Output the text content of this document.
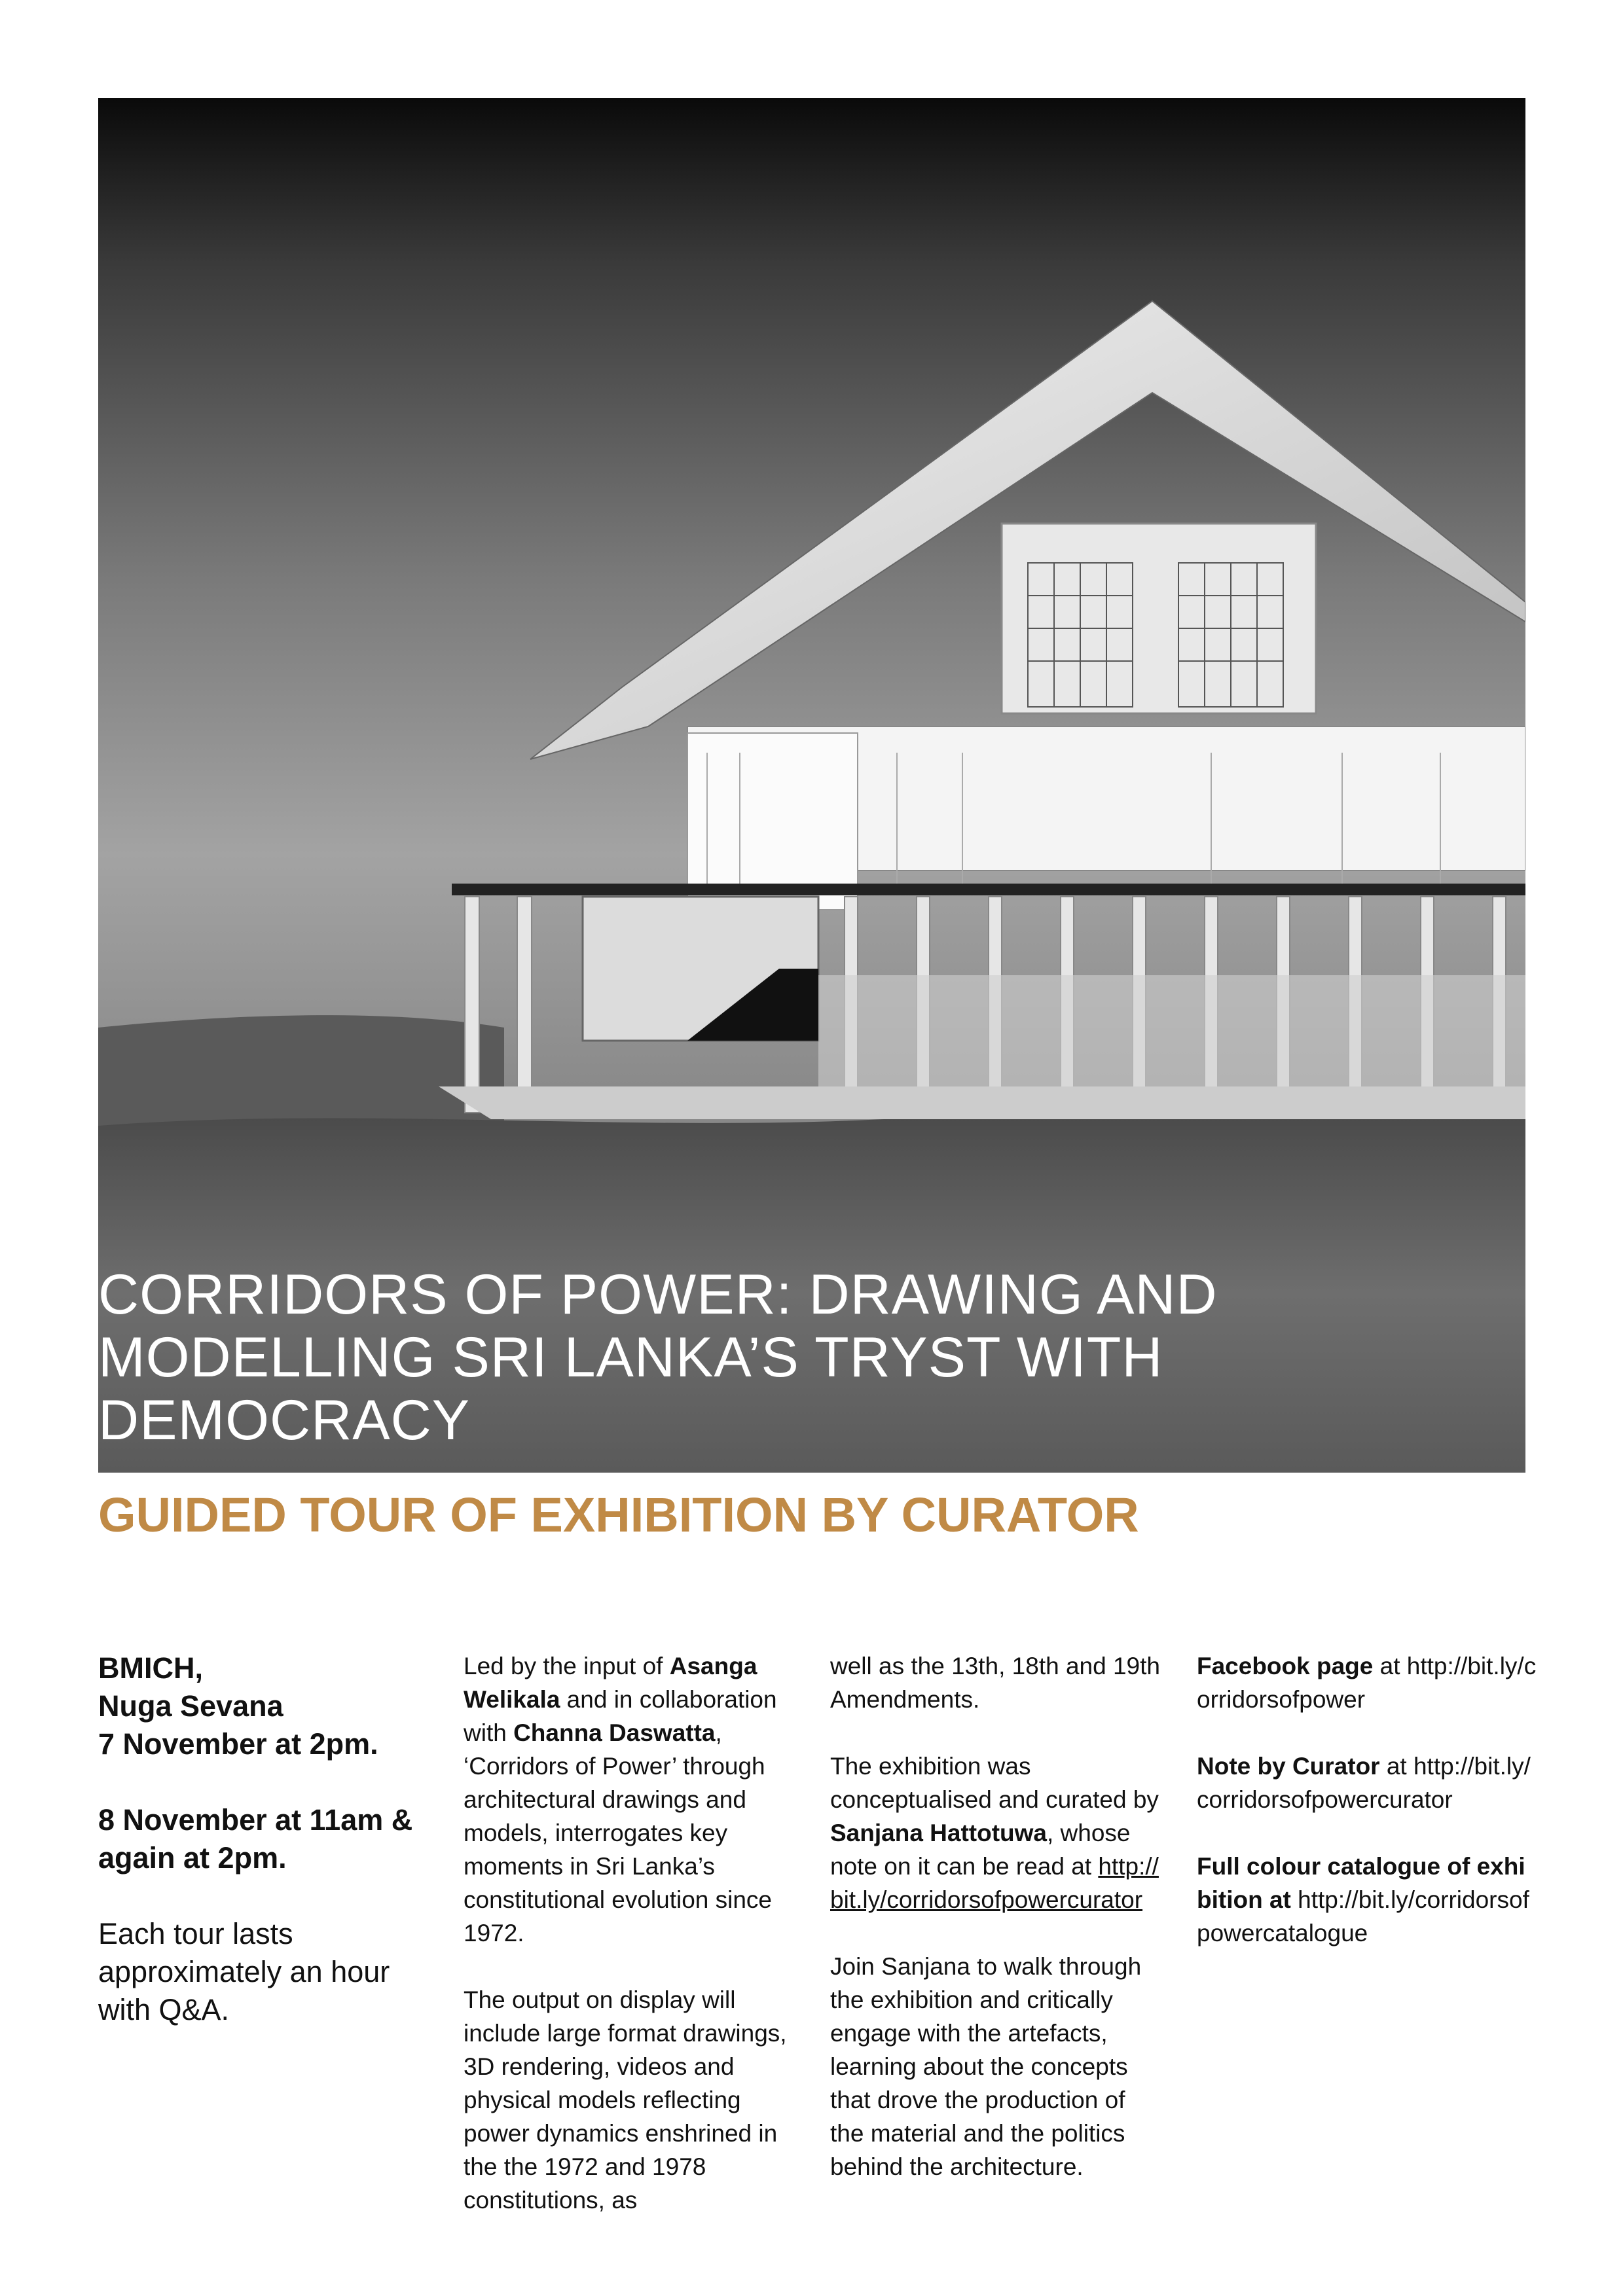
CORRIDORS OF POWER: DRAWING AND
MODELLING SRI LANKA’S TRYST WITH
DEMOCRACY
GUIDED TOUR OF EXHIBITION BY CURATOR

BMICH,
Nuga Sevana

7 November at 2pm.

8 November at 11am &
again at 2pm.

Each tour lasts approximately an hour with Q&A.

Led by the input of Asanga Welikala and in collaboration with Channa Daswatta, ‘Corridors of Power’ through architectural drawings and models, interrogates key moments in Sri Lanka’s constitutional evolution since 1972.

The output on display will include large format drawings, 3D rendering, videos and physical models reflecting power dynamics enshrined in the the 1972 and 1978 constitutions, as

well as the 13th, 18th and 19th Amendments.

The exhibition was conceptualised and curated by Sanjana Hattotuwa, whose note on it can be read at http://bit.ly/corridorsofpowercurator

Join Sanjana to walk through the exhibition and critically engage with the artefacts, learning about the concepts that drove the production of the material and the politics behind the architecture.

Facebook page at http://bit.ly/corridorsofpower

Note by Curator at http://bit.ly/corridorsofpowercurator

Full colour catalogue of exhibition at http://bit.ly/corridorsofpowercatalogue
